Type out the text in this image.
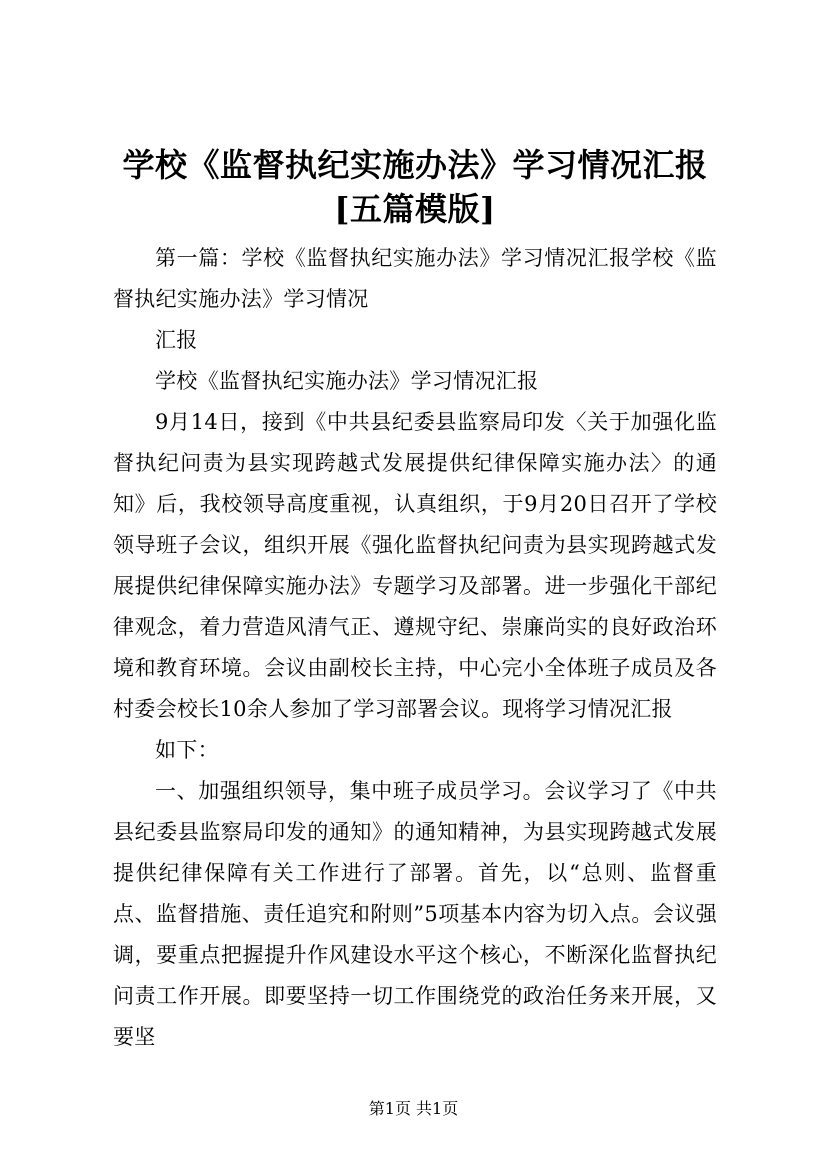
学校《监督执纪实施办法》学习情况汇报[五篇模版]

第一篇：学校《监督执纪实施办法》学习情况汇报学校《监督执纪实施办法》学习情况

汇报

学校《监督执纪实施办法》学习情况汇报

9月14日，接到《中共县纪委县监察局印发〈关于加强化监督执纪问责为县实现跨越式发展提供纪律保障实施办法〉的通知》后，我校领导高度重视，认真组织，于9月20日召开了学校领导班子会议，组织开展《强化监督执纪问责为县实现跨越式发展提供纪律保障实施办法》专题学习及部署。进一步强化干部纪律观念，着力营造风清气正、遵规守纪、崇廉尚实的良好政治环境和教育环境。会议由副校长主持，中心完小全体班子成员及各村委会校长10余人参加了学习部署会议。现将学习情况汇报

如下：

一、加强组织领导，集中班子成员学习。会议学习了《中共县纪委县监察局印发的通知》的通知精神，为县实现跨越式发展提供纪律保障有关工作进行了部署。首先，以“总则、监督重点、监督措施、责任追究和附则”5项基本内容为切入点。会议强调，要重点把握提升作风建设水平这个核心，不断深化监督执纪问责工作开展。即要坚持一切工作围绕党的政治任务来开展，又要坚

第1页 共1页
